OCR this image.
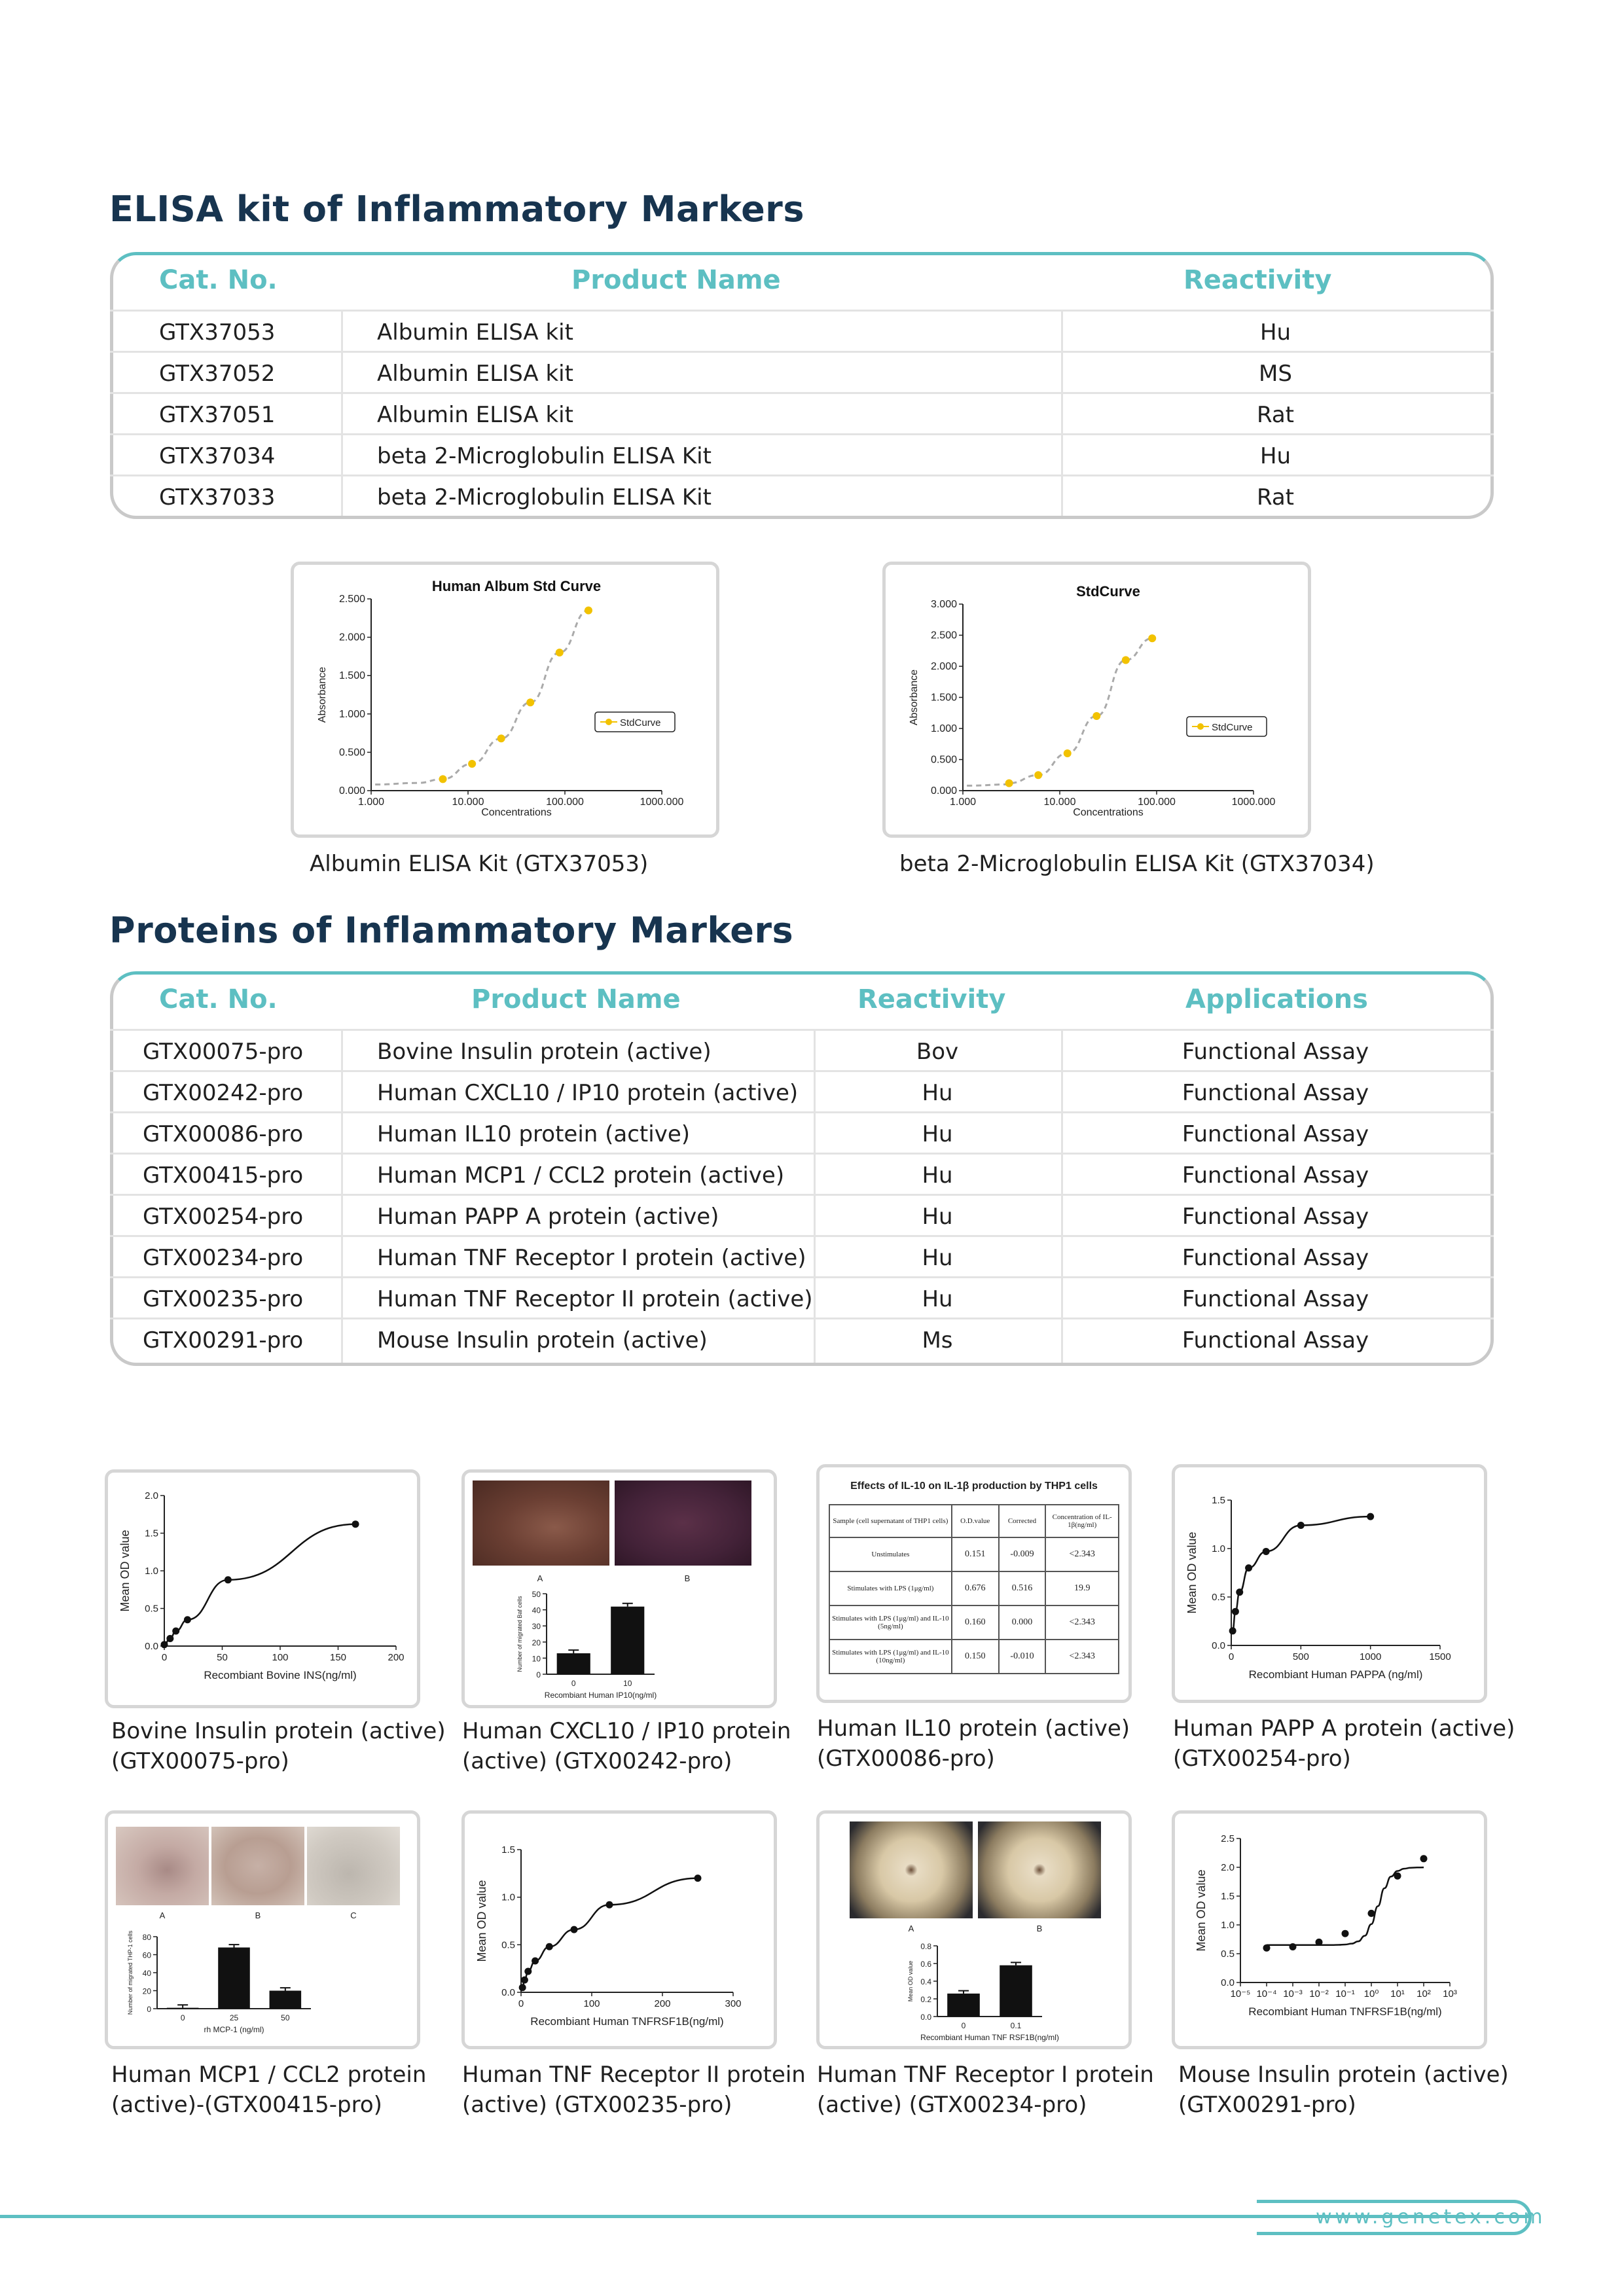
ELISA kit of Inflammatory Markers
Cat. No.	Product Name	Reactivity
GTX37053	Albumin ELISA kit	Hu
GTX37052	Albumin ELISA kit	MS
GTX37051	Albumin ELISA kit	Rat
GTX37034	beta 2-Microglobulin ELISA Kit	Hu
GTX37033	beta 2-Microglobulin ELISA Kit	Rat
Human Album Std Curve
0.000
0.500
1.000
1.500
2.000
2.500
1.000	10.000	100.000	1000.000
Concentrations
Absorbance
StdCurve
Albumin ELISA Kit (GTX37053)
StdCurve
0.000
0.500
1.000
1.500
2.000
2.500
3.000
1.000	10.000	100.000	1000.000
Concentrations
Absorbance
StdCurve
beta 2-Microglobulin ELISA Kit (GTX37034)
Proteins of Inflammatory Markers
Cat. No.	Product Name	Reactivity	Applications
GTX00075-pro	Bovine Insulin protein (active)	Bov	Functional Assay
GTX00242-pro	Human CXCL10 / IP10 protein (active)	Hu	Functional Assay
GTX00086-pro	Human IL10 protein (active)	Hu	Functional Assay
GTX00415-pro	Human MCP1 / CCL2 protein (active)	Hu	Functional Assay
GTX00254-pro	Human PAPP A protein (active)	Hu	Functional Assay
GTX00234-pro	Human TNF Receptor I protein (active)	Hu	Functional Assay
GTX00235-pro	Human TNF Receptor II protein (active)	Hu	Functional Assay
GTX00291-pro	Mouse Insulin protein (active)	Ms	Functional Assay
0.0
0.5
1.0
1.5
2.0
0	50	100	150	200
Recombiant Bovine INS(ng/ml)
Mean OD value
Bovine Insulin protein (active)
(GTX00075-pro)
0
10
20
30
40
50
Recombiant Human IP10(ng/ml)
Number of migrated Baf cells
0	10
A	B
Human CXCL10 / IP10 protein
(active) (GTX00242-pro)
Effects of IL-10 on IL-1β production by THP1 cells
Sample (cell supernatant of THP1 cells)	O.D.value	Corrected	Concentration of IL-1β(ng/ml)
Unstimulates	0.151	-0.009	<2.343
Stimulates with LPS (1μg/ml)	0.676	0.516	19.9
Stimulates with LPS (1μg/ml) and IL-10 (5ng/ml)	0.160	0.000	<2.343
Stimulates with LPS (1μg/ml) and IL-10 (10ng/ml)	0.150	-0.010	<2.343
Human IL10 protein (active)
(GTX00086-pro)
0.0
0.5
1.0
1.5
0	500	1000	1500
Recombiant Human PAPPA (ng/ml)
Mean OD value
Human PAPP A protein (active)
(GTX00254-pro)
0
20
40
60
80
rh MCP-1 (ng/ml)
Number of migrated THP-1 cells
0	25	50
A	B	C
Human MCP1 / CCL2 protein
(active)-(GTX00415-pro)
0.0
0.5
1.0
1.5
0	100	200	300
Recombiant Human TNFRSF1B(ng/ml)
Mean OD value
Human TNF Receptor II protein
(active) (GTX00235-pro)
0.0
0.2
0.4
0.6
0.8
Recombiant Human TNF RSF1B(ng/ml)
Mean OD value
0	0.1
A	B
Human TNF Receptor I protein
(active) (GTX00234-pro)
0.0
0.5
1.0
1.5
2.0
2.5
10⁻⁵ 10⁻⁴ 10⁻³ 10⁻² 10⁻¹ 10⁰ 10¹ 10² 10³
Recombiant Human TNFRSF1B(ng/ml)
Mean OD value
Mouse Insulin protein (active)
(GTX00291-pro)
www.genetex.com
